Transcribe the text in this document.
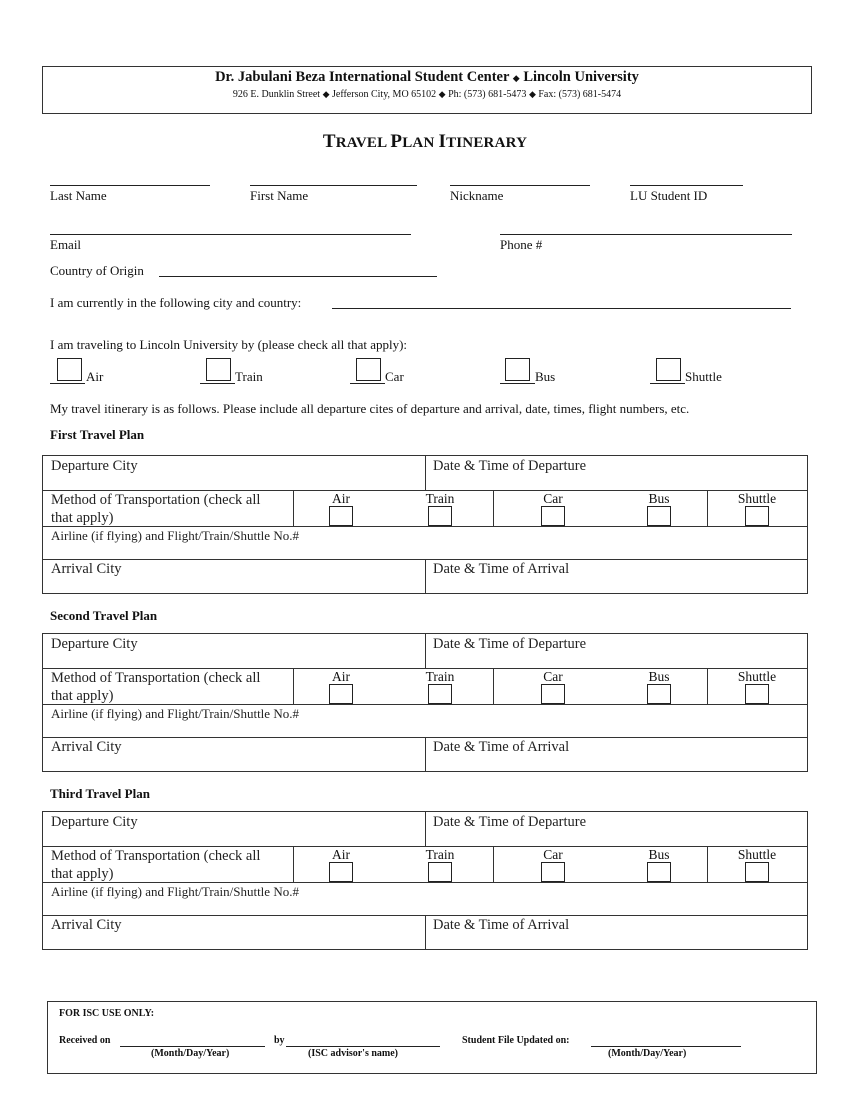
Dr. Jabulani Beza International Student Center ◆ Lincoln University
926 E. Dunklin Street ◆ Jefferson City, MO 65102 ◆ Ph: (573) 681-5473 ◆ Fax: (573) 681-5474
TRAVEL PLAN ITINERARY
Last Name	First Name	Nickname	LU Student ID
Email	Phone #
Country of Origin
I am currently in the following city and country:
I am traveling to Lincoln University by (please check all that apply):
Air	Train	Car	Bus	Shuttle
My travel itinerary is as follows. Please include all departure cites of departure and arrival, date, times, flight numbers, etc.
First Travel Plan
Departure City	Date & Time of Departure
Method of Transportation (check all
that apply)
Air	Train	Car	Bus	Shuttle
Airline (if flying) and Flight/Train/Shuttle No.#
Arrival City	Date & Time of Arrival
Second Travel Plan
Departure City	Date & Time of Departure
Method of Transportation (check all
that apply)
Air	Train	Car	Bus	Shuttle
Airline (if flying) and Flight/Train/Shuttle No.#
Arrival City	Date & Time of Arrival
Third Travel Plan
Departure City	Date & Time of Departure
Method of Transportation (check all
that apply)
Air	Train	Car	Bus	Shuttle
Airline (if flying) and Flight/Train/Shuttle No.#
Arrival City	Date & Time of Arrival
FOR ISC USE ONLY:
Received on	by	Student File Updated on:
(Month/Day/Year)	(ISC advisor's name)	(Month/Day/Year)
